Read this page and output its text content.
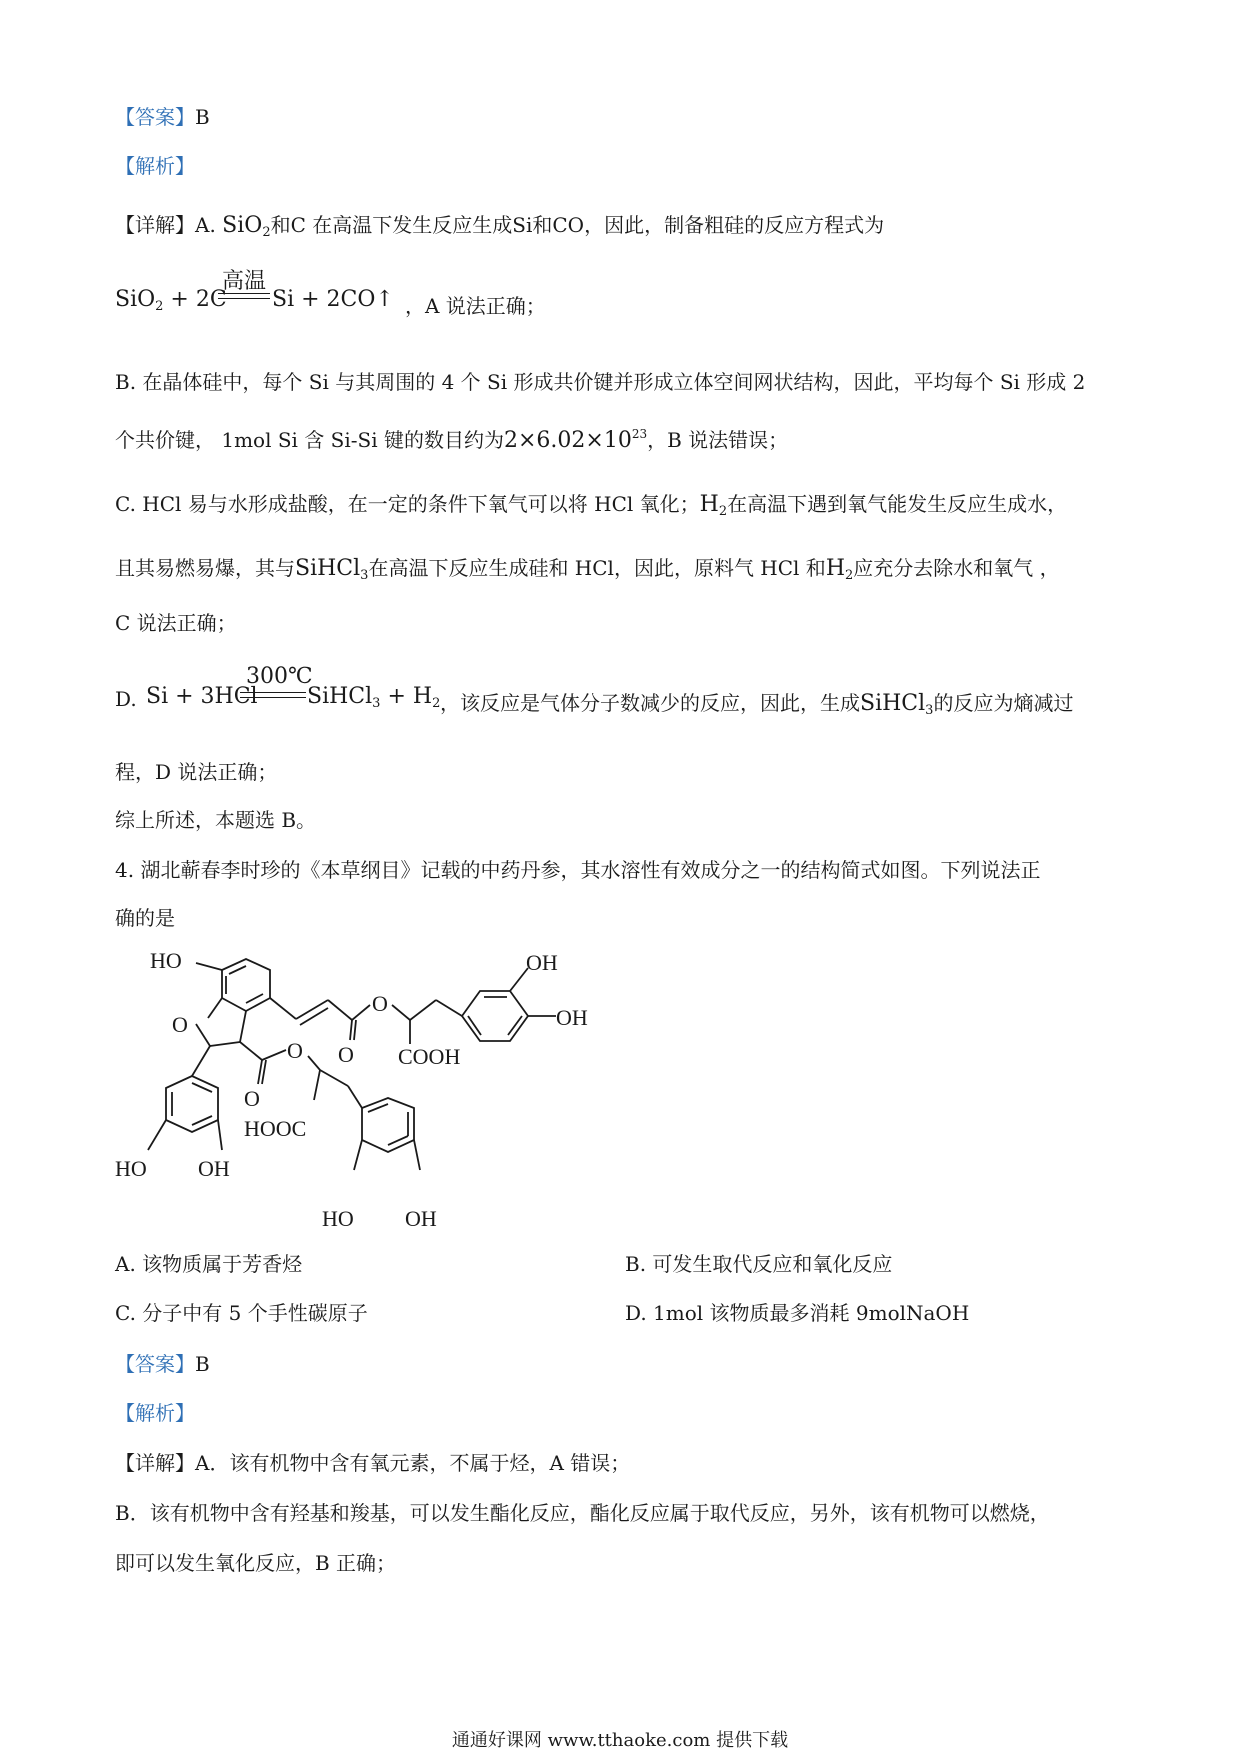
【答案】B
【解析】
【详解】A. SiO$_2$和C 在高温下发生反应生成Si和CO，因此，制备粗硅的反应方程式为
SiO$_2$ + 2C
高温
Si + 2CO↑ ，A 说法正确；
B. 在晶体硅中，每个 Si 与其周围的 4 个 Si 形成共价键并形成立体空间网状结构，因此，平均每个 Si 形成 2
个共价键， 1mol Si 含 Si-Si 键的数目约为$2\times 6.02\times 10^{23}$，B 说法错误；
C. HCl 易与水形成盐酸，在一定的条件下氧气可以将 HCl 氧化；$H_2$在高温下遇到氧气能发生反应生成水，
且其易燃易爆，其与SiHCl$_3$在高温下反应生成硅和 HCl，因此，原料气 HCl 和$H_2$应充分去除水和氧气 ，
C 说法正确；
D. Si + 3HCl
300℃
SiHCl$_3$ + $H_2$ ，该反应是气体分子数减少的反应，因此，生成SiHCl$_3$的反应为熵减过
程，D 说法正确；
综上所述，本题选 B。
4. 湖北蕲春李时珍的《本草纲目》记载的中药丹参，其水溶性有效成分之一的结构简式如图。下列说法正
确的是
HO
O
OH
OH
O
O COOH
O
O
HOOC
HO OH
HO OH
A. 该物质属于芳香烃	B. 可发生取代反应和氧化反应
C. 分子中有 5 个手性碳原子	D. 1mol 该物质最多消耗 9molNaOH
【答案】B
【解析】
【详解】A．该有机物中含有氧元素，不属于烃，A 错误；
B．该有机物中含有羟基和羧基，可以发生酯化反应，酯化反应属于取代反应，另外，该有机物可以燃烧，
即可以发生氧化反应，B 正确；
通通好课网 www.tthaoke.com 提供下载
